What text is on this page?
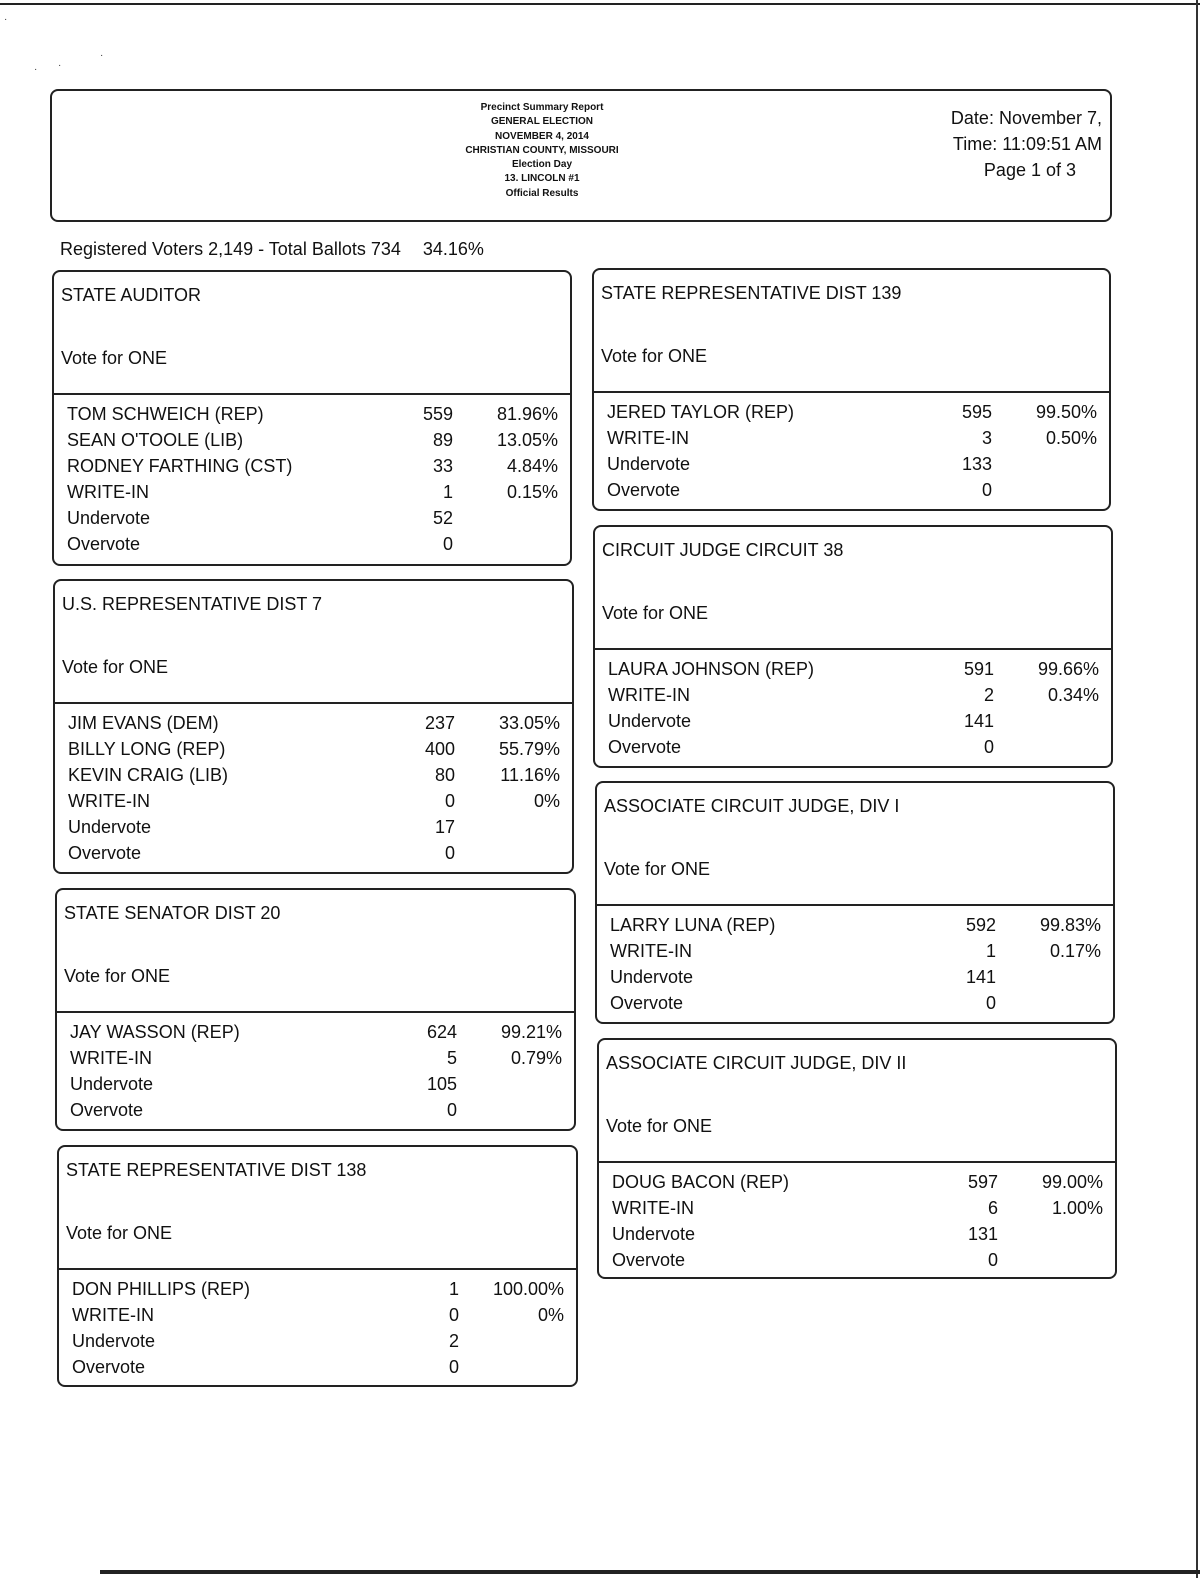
·
· ·
·
Precinct Summary Report
GENERAL ELECTION
NOVEMBER 4, 2014
CHRISTIAN COUNTY, MISSOURI
Election Day
13. LINCOLN #1
Official Results
Date: November 7,
Time: 11:09:51 AM
Page 1 of 3
Registered Voters 2,149 - Total Ballots 734 34.16%
STATE AUDITOR
Vote for ONE
TOM SCHWEICH (REP)	559 81.96%
SEAN O'TOOLE (LIB)	89 13.05%
RODNEY FARTHING (CST)	33	4.84%
WRITE-IN	1	0.15%
Undervote	52
Overvote	0
U.S. REPRESENTATIVE DIST 7
Vote for ONE
JIM EVANS (DEM)	237 33.05%
BILLY LONG (REP)	400 55.79%
KEVIN CRAIG (LIB)	80	11.16%
WRITE-IN	0	0%
Undervote	17
Overvote	0
STATE SENATOR DIST 20
Vote for ONE
JAY WASSON (REP)	624 99.21%
WRITE-IN	5	0.79%
Undervote	105
Overvote	0
STATE REPRESENTATIVE DIST 138
Vote for ONE
DON PHILLIPS (REP)	1 100.00%
WRITE-IN	0	0%
Undervote	2
Overvote	0
STATE REPRESENTATIVE DIST 139
Vote for ONE
JERED TAYLOR (REP)	595 99.50%
WRITE-IN	3	0.50%
Undervote	133
Overvote	0
CIRCUIT JUDGE CIRCUIT 38
Vote for ONE
LAURA JOHNSON (REP)	591 99.66%
WRITE-IN	2	0.34%
Undervote	141
Overvote	0
ASSOCIATE CIRCUIT JUDGE, DIV I
Vote for ONE
LARRY LUNA (REP)	592 99.83%
WRITE-IN	1	0.17%
Undervote	141
Overvote	0
ASSOCIATE CIRCUIT JUDGE, DIV II
Vote for ONE
DOUG BACON (REP)	597 99.00%
WRITE-IN	6	1.00%
Undervote	131
Overvote	0
